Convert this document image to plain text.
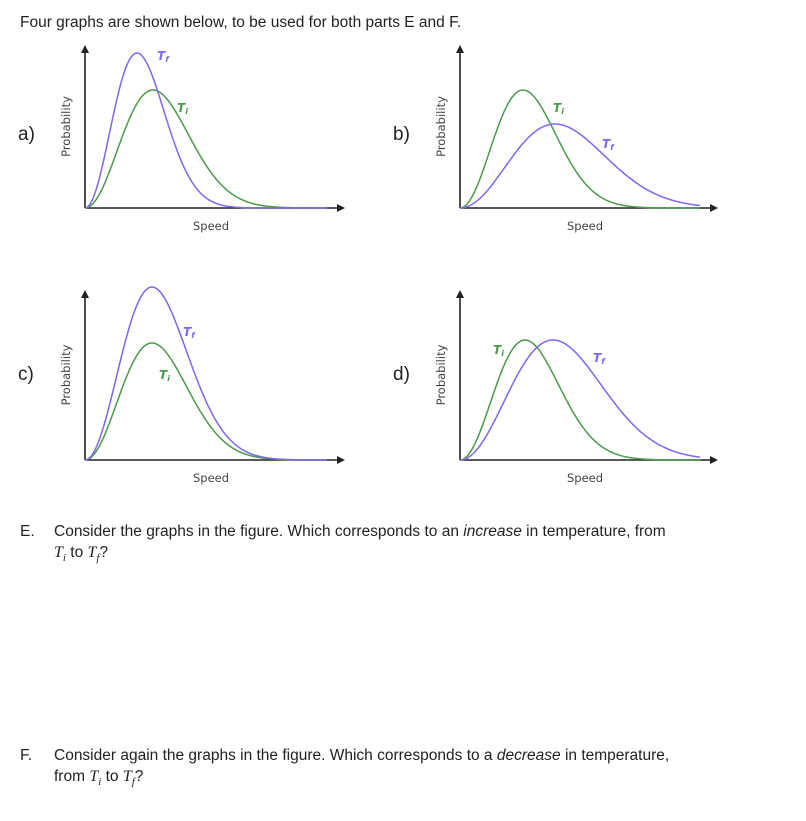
Four graphs are shown below, to be used for both parts E and F.
Tf
Ti
Speed
Probability
a)	Tf
Ti
Speed
Probability
b)
Tf
Ti
Speed
Probability
c)
Tf
Ti
Speed
Probability
d)
E. Consider the graphs in the figure. Which corresponds to an increase in temperature, from
$T_i$ to $T_f$?
F. Consider again the graphs in the figure. Which corresponds to a decrease in temperature,
from $T_i$ to $T_f$?
